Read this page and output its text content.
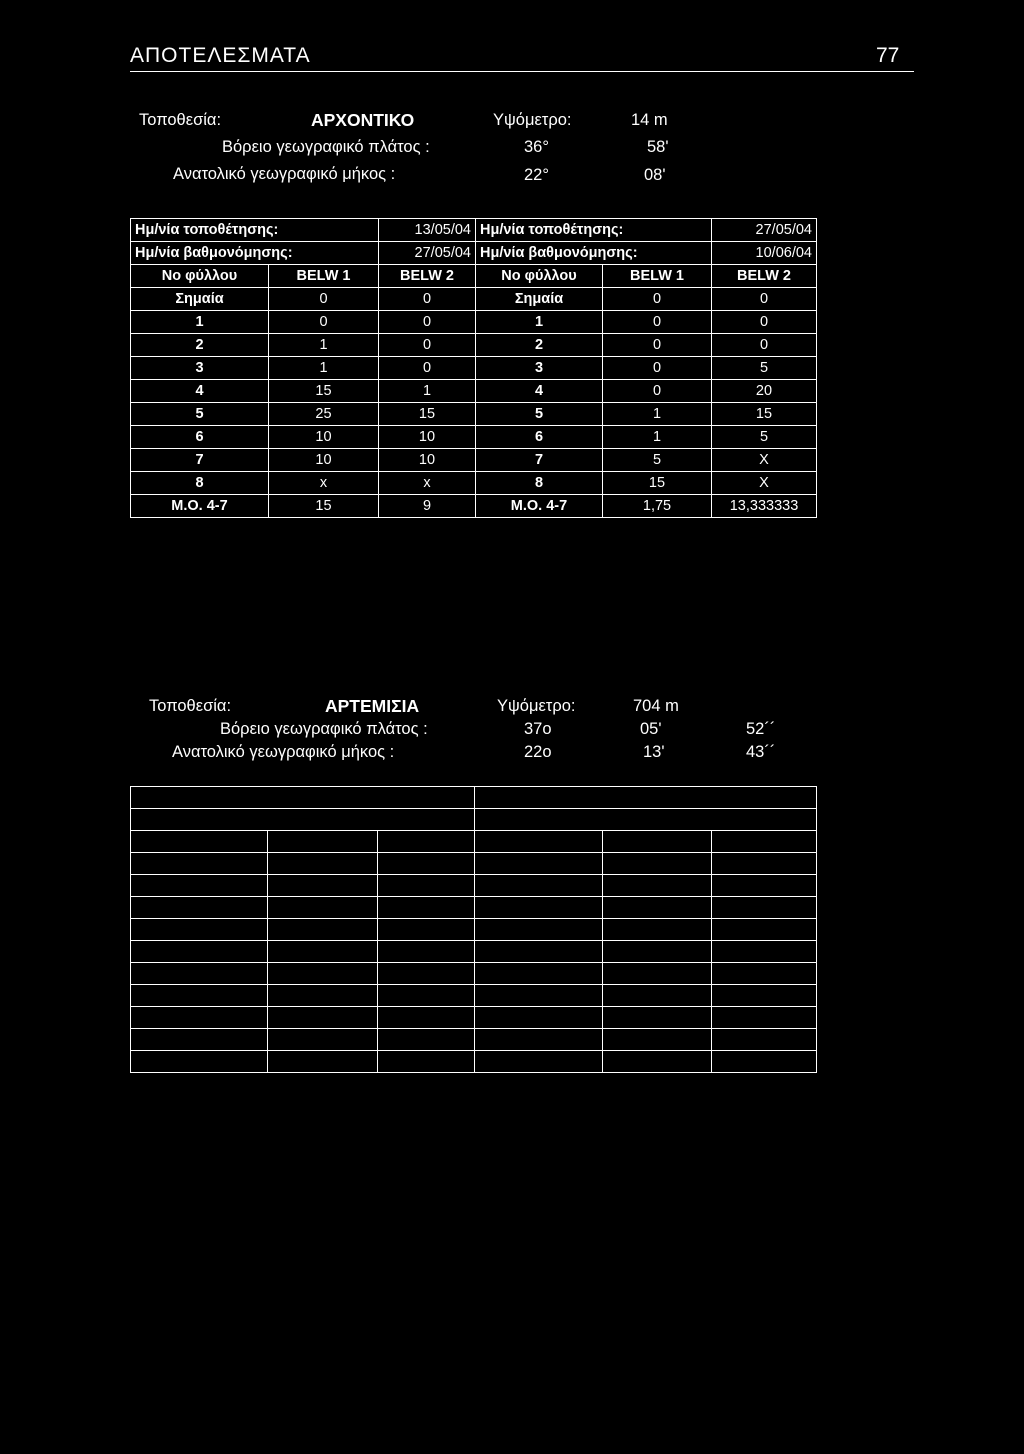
ΑΠΟΤΕΛΕΣΜΑΤΑ	77
Τοποθεσία:	ΑΡΧΟΝΤΙΚΟ	Υψόμετρο:	14 m
Βόρειο γεωγραφικό πλάτος :	36°	58'
Ανατολικό γεωγραφικό μήκος :	22°	08'
Ημ/νία τοποθέτησης:		13/05/04	Ημ/νία τοποθέτησης:		27/05/04
Ημ/νία βαθμονόμησης:		27/05/04	Ημ/νία βαθμονόμησης:		10/06/04
Νο φύλλου	BELW 1	BELW 2	Νο φύλλου	BELW 1	BELW 2
Σημαία	0	0	Σημαία	0	0
1	0	0	1	0	0
2	1	0	2	0	0
3	1	0	3	0	5
4	15	1	4	0	20
5	25	15	5	1	15
6	10	10	6	1	5
7	10	10	7	5	X
8	x	x	8	15	X
Μ.Ο. 4-7	15	9	Μ.Ο. 4-7	1,75	13,333333
Τοποθεσία:	ΑΡΤΕΜΙΣΙΑ	Υψόμετρο:	704 m
Βόρειο γεωγραφικό πλάτος :	37o	05'	52´´
Ανατολικό γεωγραφικό μήκος :	22o	13'	43´´
